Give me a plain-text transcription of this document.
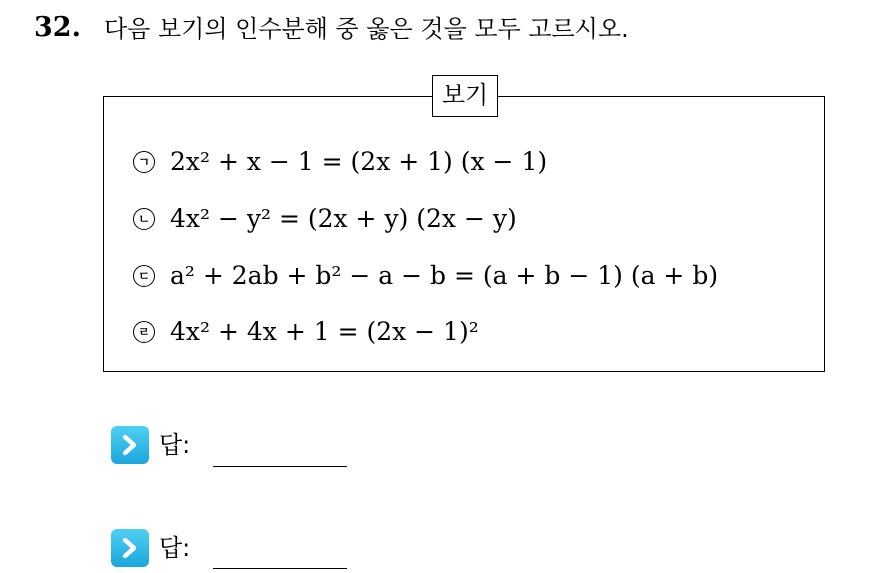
32. 다음 보기의 인수분해 중 옳은 것을 모두 고르시오.
보기
ㄱ 2x² + x − 1 = (2x + 1) (x − 1)
ㄴ 4x² − y² = (2x + y) (2x − y)
ㄷ a² + 2ab + b² − a − b = (a + b − 1) (a + b)
ㄹ 4x² + 4x + 1 = (2x − 1)²
답:
답:
